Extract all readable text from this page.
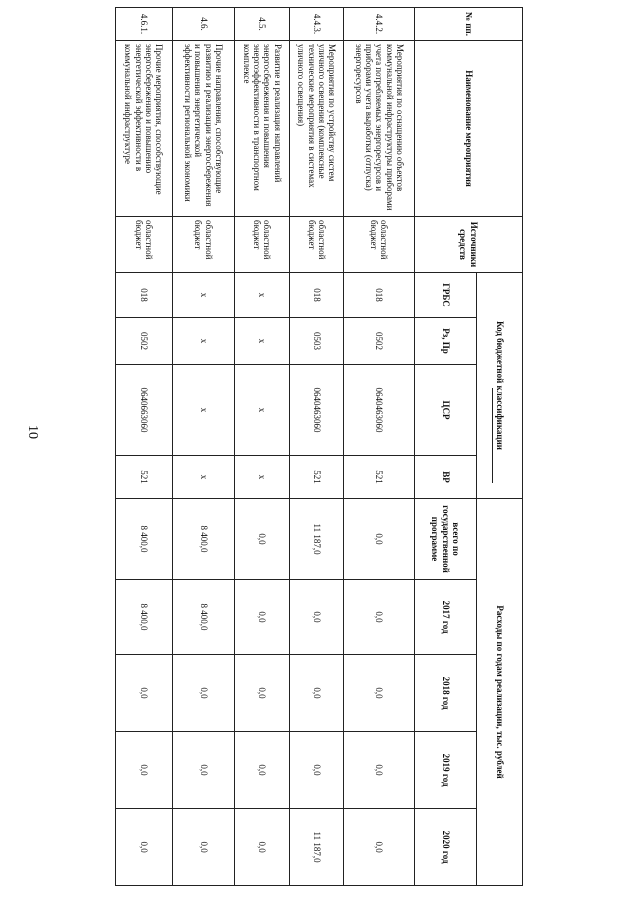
10
№ пп.	Наименование мероприятия	Источники средств	Код бюджетной классификации				Расходы по годам реализации, тыс. рублей				
			ГРБС	Рз, Пр	ЦСР	ВР	всего по государственной программе	2017 год	2018 год	2019 год	2020 год
4.4.2.	Мероприятия по оснащению объектов коммунальной инфраструктуры приборами учета потребляемых энергоресурсов и приборами учета выработки (отпуска) энергоресурсов	областной бюджет	018	0502	0640463060	521	0,0	0,0	0,0	0,0	0,0
4.4.3.	Мероприятия по устройству систем уличного освещения (комплексные технические мероприятия в системах уличного освещения)	областной бюджет	018	0503	0640463060	521	11 187,0	0,0	0,0	0,0	11 187,0
4.5.	Развитие и реализация направлений энергосбережения и повышения энергоэффективности в транспортном комплексе	областной бюджет	x	x	x	x	0,0	0,0	0,0	0,0	0,0
4.6.	Прочие направления, способствующие развитию и реализации энергосбережения и повышения энергетической эффективности региональной экономики	областной бюджет	x	x	x	x	8 400,0	8 400,0	0,0	0,0	0,0
4.6.1.	Прочие мероприятия, способствующие энергосбережению и повышению энергетической эффективности в коммунальной инфраструктуре	областной бюджет	018	0502	0640663060	521	8 400,0	8 400,0	0,0	0,0	0,0
